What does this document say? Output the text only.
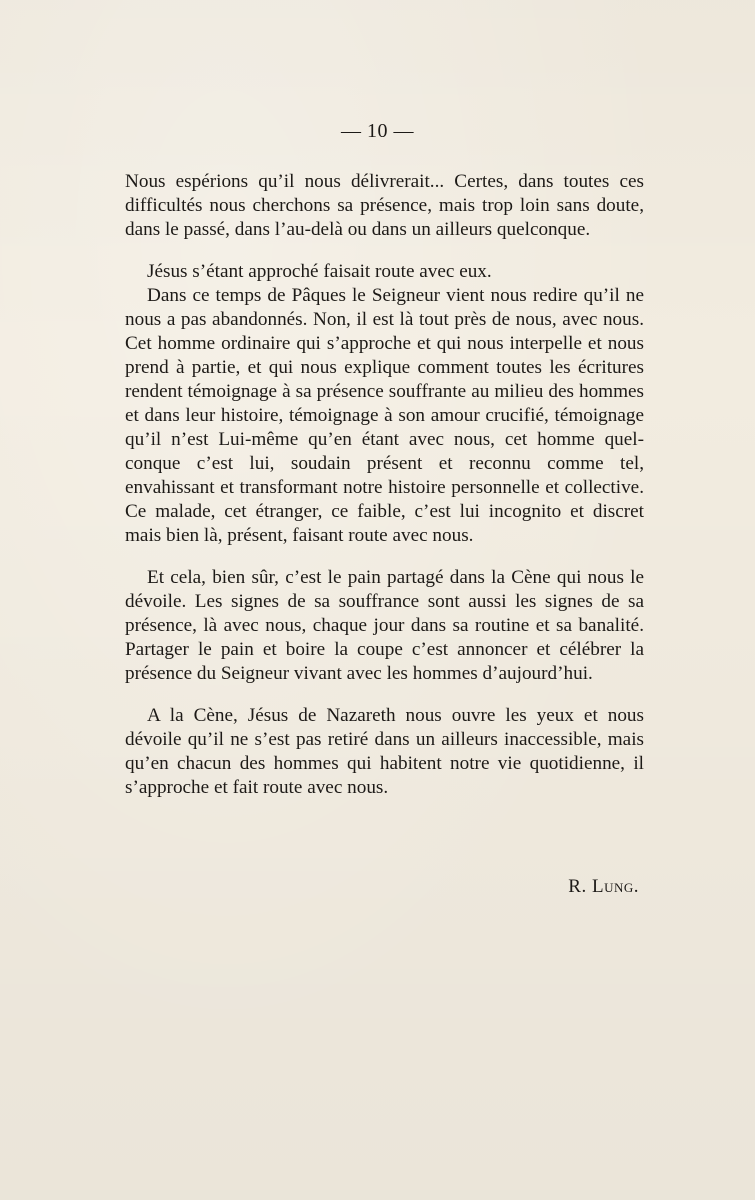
— 10 —

Nous espérions qu’il nous délivrerait... Certes, dans toutes ces difficultés nous cherchons sa présence, mais trop loin sans doute, dans le passé, dans l’au-delà ou dans un ailleurs quelconque.

Jésus s’étant approché faisait route avec eux.

Dans ce temps de Pâques le Seigneur vient nous redire qu’il ne nous a pas abandonnés. Non, il est là tout près de nous, avec nous. Cet homme ordinaire qui s’approche et qui nous interpelle et nous prend à partie, et qui nous explique comment toutes les écritures rendent témoignage à sa présence souffrante au milieu des hommes et dans leur histoire, témoignage à son amour crucifié, témoignage qu’il n’est Lui-même qu’en étant avec nous, cet homme quelconque c’est lui, soudain présent et reconnu comme tel, envahissant et transformant notre histoire personnelle et collective. Ce malade, cet étranger, ce faible, c’est lui incognito et discret mais bien là, présent, faisant route avec nous.

Et cela, bien sûr, c’est le pain partagé dans la Cène qui nous le dévoile. Les signes de sa souffrance sont aussi les signes de sa présence, là avec nous, chaque jour dans sa routine et sa banalité. Partager le pain et boire la coupe c’est annoncer et célébrer la présence du Seigneur vivant avec les hommes d’aujourd’hui.

A la Cène, Jésus de Nazareth nous ouvre les yeux et nous dévoile qu’il ne s’est pas retiré dans un ailleurs inaccessible, mais qu’en chacun des hommes qui habitent notre vie quotidienne, il s’approche et fait route avec nous.

R. Lung.
